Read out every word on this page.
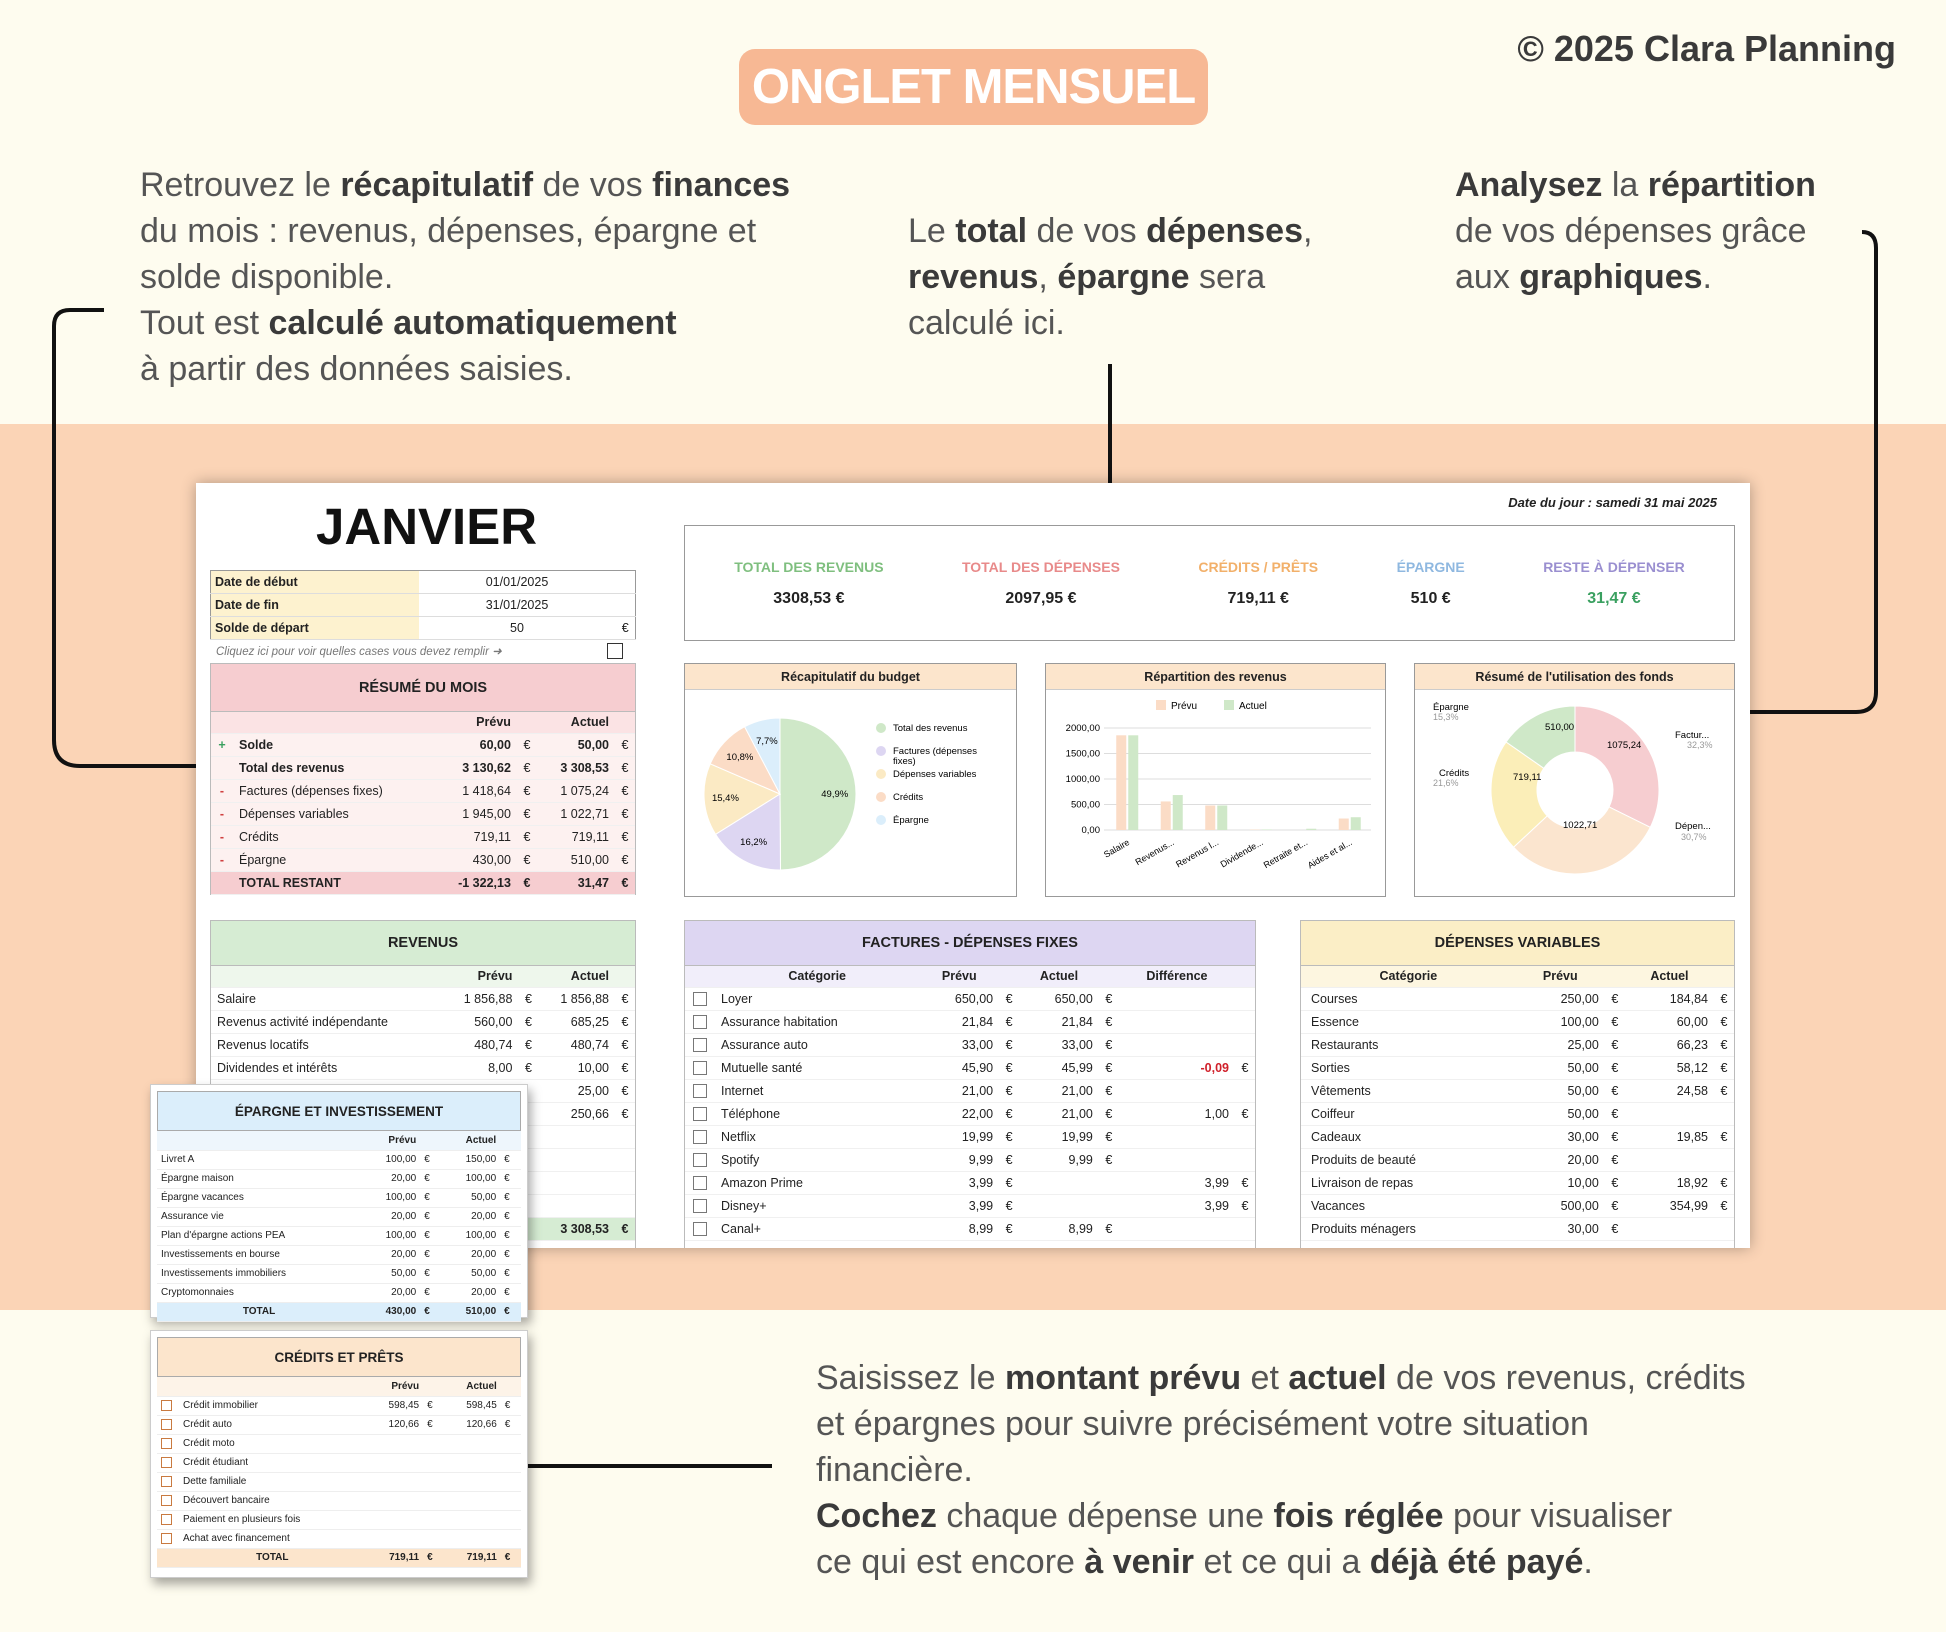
ONGLET MENSUEL
© 2025 Clara Planning
Retrouvez le récapitulatif de vos finances
du mois : revenus, dépenses, épargne et
solde disponible.
Tout est calculé automatiquement
à partir des données saisies.
Le total de vos dépenses,
revenus, épargne sera
calculé ici.
Analysez la répartition
de vos dépenses grâce
aux graphiques.
Saisissez le montant prévu et actuel de vos revenus, crédits
et épargnes pour suivre précisément votre situation
financière.
Cochez chaque dépense une fois réglée pour visualiser
ce qui est encore à venir et ce qui a déjà été payé.
JANVIER	Date du jour : samedi 31 mai 2025
Date de début	01/01/2025	
Date de fin	31/01/2025	
Solde de départ	50	€
Cliquez ici pour voir quelles cases vous devez remplir ➜
TOTAL DES REVENUS
3308,53 €
TOTAL DES DÉPENSES
2097,95 €
CRÉDITS / PRÊTS
719,11 €
ÉPARGNE
510 €
RESTE À DÉPENSER
31,47 €
RÉSUMÉ DU MOIS
		Prévu		Actuel	
+	Solde	60,00	€	50,00	€
	Total des revenus	3 130,62	€	3 308,53	€
-	Factures (dépenses fixes)	1 418,64	€	1 075,24	€
-	Dépenses variables	1 945,00	€	1 022,71	€
-	Crédits	719,11	€	719,11	€
-	Épargne	430,00	€	510,00	€
	TOTAL RESTANT	-1 322,13	€	31,47	€
Récapitulatif du budget
49,9%
16,2%
15,4%
10,8%
7,7%
Total des revenus
Factures (dépenses
fixes)
Dépenses variables
Crédits
Épargne
Répartition des revenus
Prévu	Actuel
2000,00
1500,00
1000,00
500,00
0,00
Salaire Revenus...
Revenus l...
Dividende...
Retraite et...
Aides et al...
Résumé de l'utilisation des fonds
Épargne
15,3%
510,00
Factur...
32,3%
1075,24
Crédits
21,6%	719,11
Dépen...
30,7%
1022,71
REVENUS
	Prévu		Actuel	
Salaire	1 856,88	€	1 856,88	€
Revenus activité indépendante	560,00	€	685,25	€
Revenus locatifs	480,74	€	480,74	€
Dividendes et intérêts	8,00	€	10,00	€
			25,00	€
			250,66	€

			3 308,53	€
FACTURES - DÉPENSES FIXES
	Catégorie	Prévu		Actuel		Différence	
	Loyer	650,00	€	650,00	€		
	Assurance habitation	21,84	€	21,84	€		
	Assurance auto	33,00	€	33,00	€		
	Mutuelle santé	45,90	€	45,99	€	-0,09	€
	Internet	21,00	€	21,00	€		
	Téléphone	22,00	€	21,00	€	1,00	€
	Netflix	19,99	€	19,99	€		
	Spotify	9,99	€	9,99	€		
	Amazon Prime	3,99	€			3,99	€
	Disney+	3,99	€			3,99	€
	Canal+	8,99	€	8,99	€		
DÉPENSES VARIABLES
Catégorie	Prévu		Actuel	
Courses	250,00	€	184,84	€
Essence	100,00	€	60,00	€
Restaurants	25,00	€	66,23	€
Sorties	50,00	€	58,12	€
Vêtements	50,00	€	24,58	€
Coiffeur	50,00	€		
Cadeaux	30,00	€	19,85	€
Produits de beauté	20,00	€		
Livraison de repas	10,00	€	18,92	€
Vacances	500,00	€	354,99	€
Produits ménagers	30,00	€		
ÉPARGNE ET INVESTISSEMENT
	Prévu		Actuel	
Livret A	100,00	€	150,00	€
Épargne maison	20,00	€	100,00	€
Épargne vacances	100,00	€	50,00	€
Assurance vie	20,00	€	20,00	€
Plan d'épargne actions PEA	100,00	€	100,00	€
Investissements en bourse	20,00	€	20,00	€
Investissements immobiliers	50,00	€	50,00	€
Cryptomonnaies	20,00	€	20,00	€
TOTAL	430,00	€	510,00	€
CRÉDITS ET PRÊTS
		Prévu		Actuel	
	Crédit immobilier	598,45	€	598,45	€
	Crédit auto	120,66	€	120,66	€
	Crédit moto				
	Crédit étudiant				
	Dette familiale				
	Découvert bancaire				
	Paiement en plusieurs fois				
	Achat avec financement				
	TOTAL	719,11	€	719,11	€
